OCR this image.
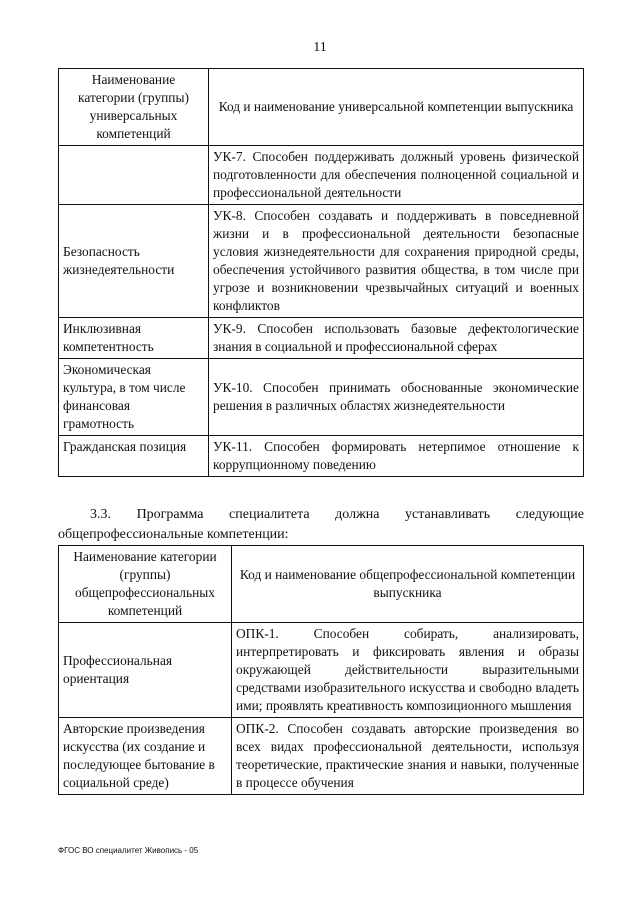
11
Наименование категории (группы) универсальных компетенций	Код и наименование универсальной компетенции выпускника
	УК-7. Способен поддерживать должный уровень физической подготовленности для обеспечения полноценной социальной и профессиональной деятельности
Безопасность жизнедеятельности	УК-8. Способен создавать и поддерживать в повседневной жизни и в профессиональной деятельности безопасные условия жизнедеятельности для сохранения природной среды, обеспечения устойчивого развития общества, в том числе при угрозе и возникновении чрезвычайных ситуаций и военных конфликтов
Инклюзивная компетентность	УК-9. Способен использовать базовые дефектологические знания в социальной и профессиональной сферах
Экономическая культура, в том числе финансовая грамотность	УК-10. Способен принимать обоснованные экономические решения в различных областях жизнедеятельности
Гражданская позиция	УК-11. Способен формировать нетерпимое отношение к коррупционному поведению
3.3. Программа специалитета должна устанавливать следующие общепрофессиональные компетенции:
Наименование категории (группы) общепрофессиональных компетенций	Код и наименование общепрофессиональной компетенции выпускника
Профессиональная ориентация	ОПК-1. Способен собирать, анализировать, интерпретировать и фиксировать явления и образы окружающей действительности выразительными средствами изобразительного искусства и свободно владеть ими; проявлять креативность композиционного мышления
Авторские произведения искусства (их создание и последующее бытование в социальной среде)	ОПК-2. Способен создавать авторские произведения во всех видах профессиональной деятельности, используя теоретические, практические знания и навыки, полученные в процессе обучения
ФГОС ВО специалитет Живопись - 05
